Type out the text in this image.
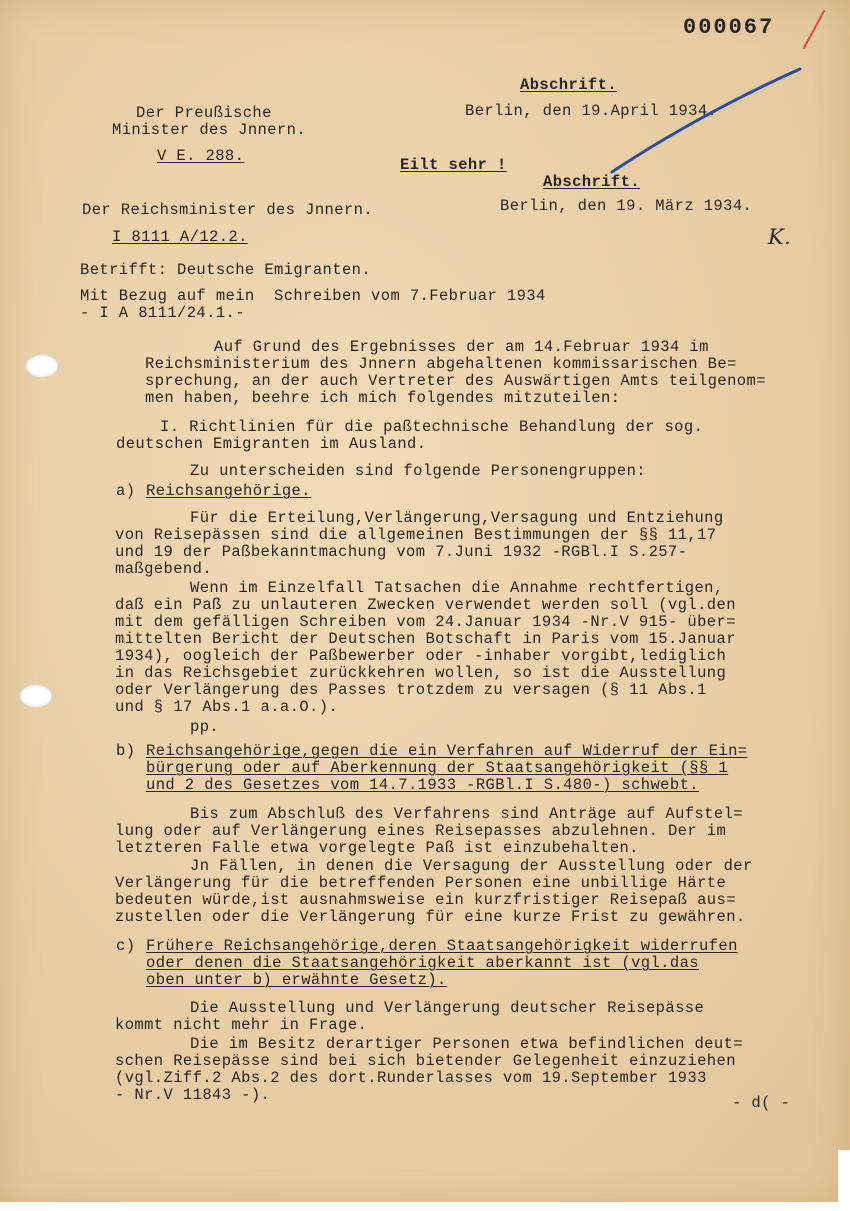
000067
Abschrift.
Der Preußische
Minister des Jnnern.
Berlin, den 19.April 1934.
V E. 288.	Eilt sehr !
Abschrift.
Der Reichsminister des Jnnern.	Berlin, den 19. März 1934.
I 8111 A/12.2.	K.
Betrifft: Deutsche Emigranten.
Mit Bezug auf mein  Schreiben vom 7.Februar 1934
- I A 8111/24.1.-
Auf Grund des Ergebnisses der am 14.Februar 1934 im
Reichsministerium des Jnnern abgehaltenen kommissarischen Be=
sprechung, an der auch Vertreter des Auswärtigen Amts teilgenom=
men haben, beehre ich mich folgendes mitzuteilen:
I. Richtlinien für die paßtechnische Behandlung der sog.
deutschen Emigranten im Ausland.
Zu unterscheiden sind folgende Personengruppen:
a) Reichsangehörige.
Für die Erteilung,Verlängerung,Versagung und Entziehung
von Reisepässen sind die allgemeinen Bestimmungen der §§ 11,17
und 19 der Paßbekanntmachung vom 7.Juni 1932 -RGBl.I S.257-
maßgebend.
Wenn im Einzelfall Tatsachen die Annahme rechtfertigen,
daß ein Paß zu unlauteren Zwecken verwendet werden soll (vgl.den
mit dem gefälligen Schreiben vom 24.Januar 1934 -Nr.V 915- über=
mittelten Bericht der Deutschen Botschaft in Paris vom 15.Januar
1934), oogleich der Paßbewerber oder -inhaber vorgibt,lediglich
in das Reichsgebiet zurückkehren wollen, so ist die Ausstellung
oder Verlängerung des Passes trotzdem zu versagen (§ 11 Abs.1
und § 17 Abs.1 a.a.O.).
pp.
b) Reichsangehörige,gegen die ein Verfahren auf Widerruf der Ein=
bürgerung oder auf Aberkennung der Staatsangehörigkeit (§§ 1
und 2 des Gesetzes vom 14.7.1933 -RGBl.I S.480-) schwebt.
Bis zum Abschluß des Verfahrens sind Anträge auf Aufstel=
lung oder auf Verlängerung eines Reisepasses abzulehnen. Der im
letzteren Falle etwa vorgelegte Paß ist einzubehalten.
Jn Fällen, in denen die Versagung der Ausstellung oder der
Verlängerung für die betreffenden Personen eine unbillige Härte
bedeuten würde,ist ausnahmsweise ein kurzfristiger Reisepaß aus=
zustellen oder die Verlängerung für eine kurze Frist zu gewähren.
c) Frühere Reichsangehörige,deren Staatsangehörigkeit widerrufen
oder denen die Staatsangehörigkeit aberkannt ist (vgl.das
oben unter b) erwähnte Gesetz).
Die Ausstellung und Verlängerung deutscher Reisepässe
kommt nicht mehr in Frage.
Die im Besitz derartiger Personen etwa befindlichen deut=
schen Reisepässe sind bei sich bietender Gelegenheit einzuziehen
(vgl.Ziff.2 Abs.2 des dort.Runderlasses vom 19.September 1933
- Nr.V 11843 -).	- d( -
